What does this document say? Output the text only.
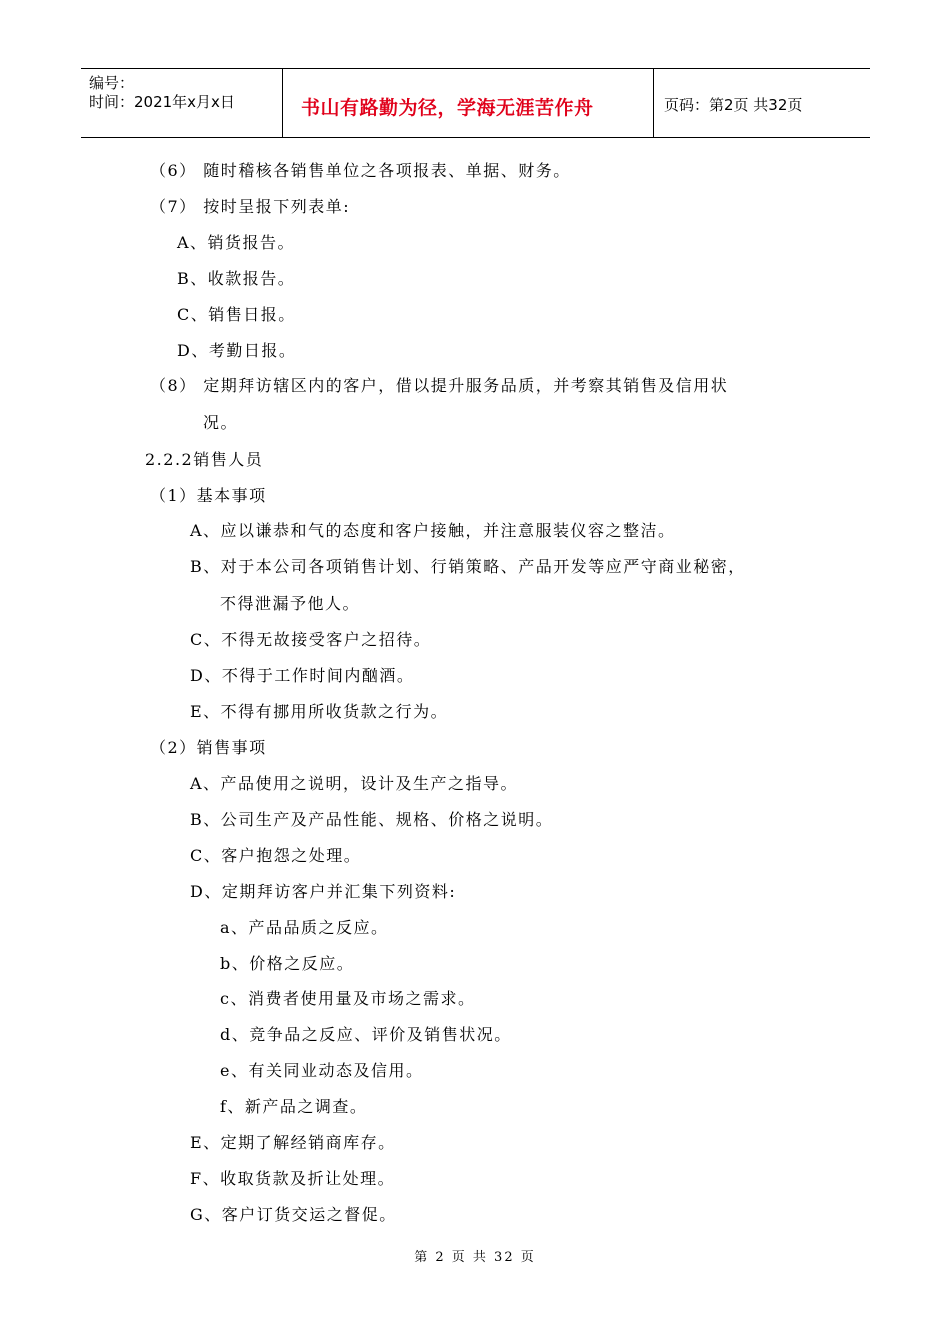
编号：
时间：2021年x月x日	书山有路勤为径，学海无涯苦作舟	页码：第2页 共32页
（6） 随时稽核各销售单位之各项报表、单据、财务。
（7） 按时呈报下列表单:
A、销货报告。
B、收款报告。
C、销售日报。
D、考勤日报。
（8） 定期拜访辖区内的客户，借以提升服务品质，并考察其销售及信用状
况。
2.2.2销售人员
（1）基本事项
A、应以谦恭和气的态度和客户接触，并注意服装仪容之整洁。
B、对于本公司各项销售计划、行销策略、产品开发等应严守商业秘密，
不得泄漏予他人。
C、不得无故接受客户之招待。
D、不得于工作时间内酗酒。
E、不得有挪用所收货款之行为。
（2）销售事项
A、产品使用之说明，设计及生产之指导。
B、公司生产及产品性能、规格、价格之说明。
C、客户抱怨之处理。
D、定期拜访客户并汇集下列资料:
a、产品品质之反应。
b、价格之反应。
c、消费者使用量及市场之需求。
d、竞争品之反应、评价及销售状况。
e、有关同业动态及信用。
f、新产品之调查。
E、定期了解经销商库存。
F、收取货款及折让处理。
G、客户订货交运之督促。
第 2 页 共 32 页
